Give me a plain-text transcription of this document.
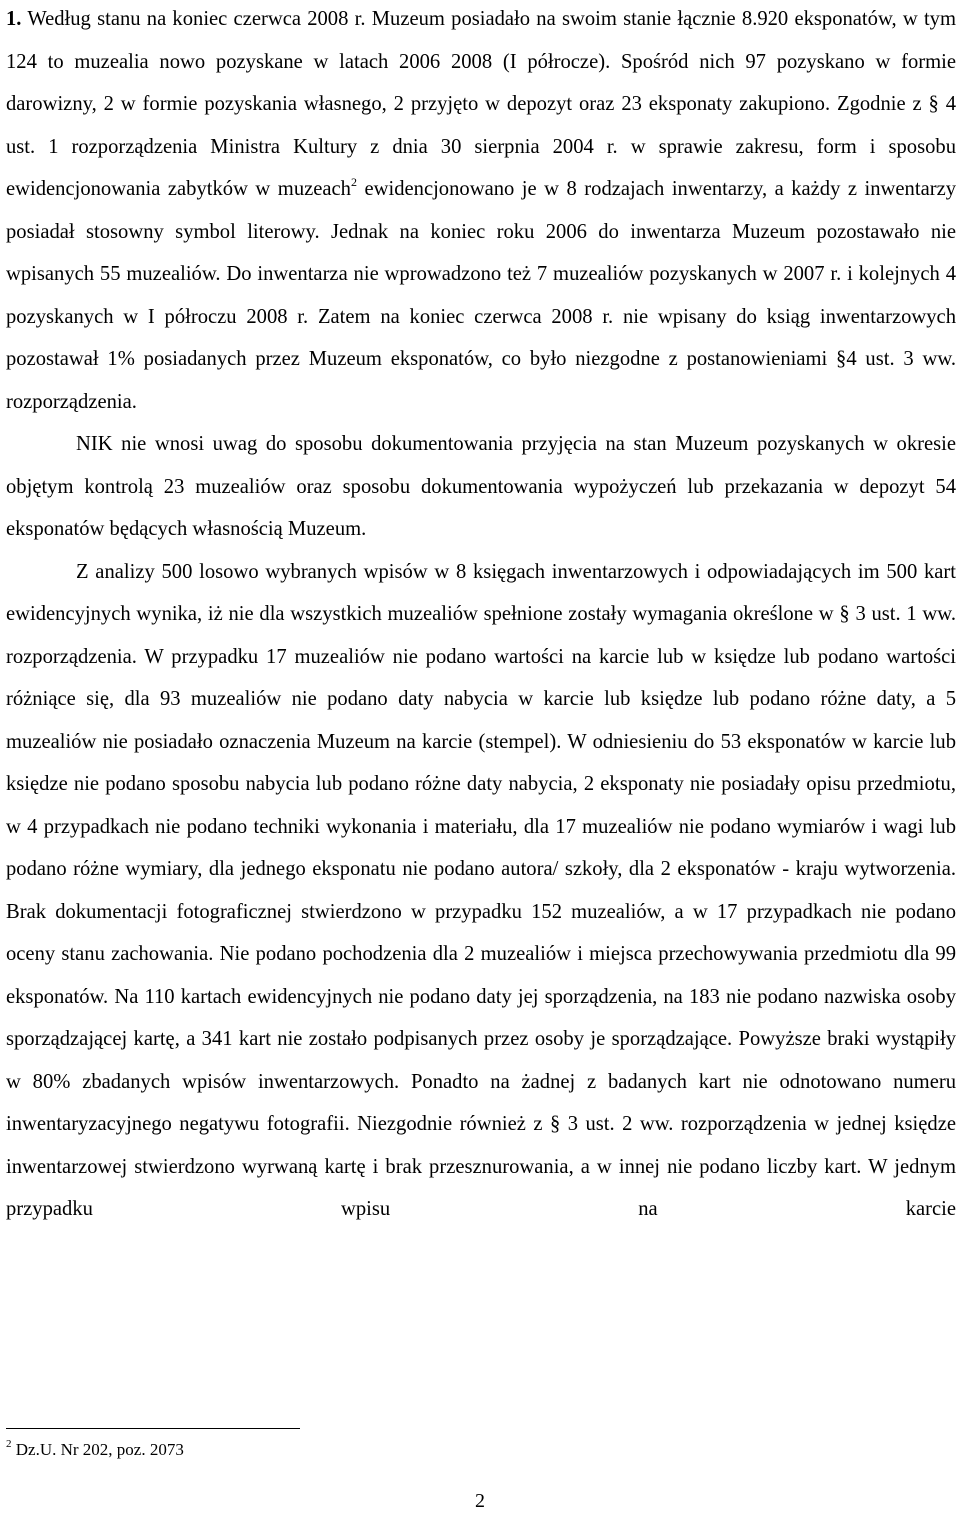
1. Według stanu na koniec czerwca 2008 r. Muzeum posiadało na swoim stanie łącznie 8.920 eksponatów, w tym 124 to muzealia nowo pozyskane w latach 2006 2008 (I półrocze). Spośród nich 97 pozyskano w formie darowizny, 2 w formie pozyskania własnego, 2 przyjęto w depozyt oraz 23 eksponaty zakupiono. Zgodnie z § 4 ust. 1 rozporządzenia Ministra Kultury z dnia 30 sierpnia 2004 r. w sprawie zakresu, form i sposobu ewidencjonowania zabytków w muzeach$^2$ ewidencjonowano je w 8 rodzajach inwentarzy, a każdy z inwentarzy posiadał stosowny symbol literowy. Jednak na koniec roku 2006 do inwentarza Muzeum pozostawało nie wpisanych 55 muzealiów. Do inwentarza nie wprowadzono też 7 muzealiów pozyskanych w 2007 r. i kolejnych 4 pozyskanych w I półroczu 2008 r. Zatem na koniec czerwca 2008 r. nie wpisany do ksiąg inwentarzowych pozostawał 1% posiadanych przez Muzeum eksponatów, co było niezgodne z postanowieniami §4 ust. 3 ww. rozporządzenia.

NIK nie wnosi uwag do sposobu dokumentowania przyjęcia na stan Muzeum pozyskanych w okresie objętym kontrolą 23 muzealiów oraz sposobu dokumentowania wypożyczeń lub przekazania w depozyt 54 eksponatów będących własnością Muzeum.

Z analizy 500 losowo wybranych wpisów w 8 księgach inwentarzowych i odpowiadających im 500 kart ewidencyjnych wynika, iż nie dla wszystkich muzealiów spełnione zostały wymagania określone w § 3 ust. 1 ww. rozporządzenia. W przypadku 17 muzealiów nie podano wartości na karcie lub w księdze lub podano wartości różniące się, dla 93 muzealiów nie podano daty nabycia w karcie lub księdze lub podano różne daty, a 5 muzealiów nie posiadało oznaczenia Muzeum na karcie (stempel). W odniesieniu do 53 eksponatów w karcie lub księdze nie podano sposobu nabycia lub podano różne daty nabycia, 2 eksponaty nie posiadały opisu przedmiotu, w 4 przypadkach nie podano techniki wykonania i materiału, dla 17 muzealiów nie podano wymiarów i wagi lub podano różne wymiary, dla jednego eksponatu nie podano autora/ szkoły, dla 2 eksponatów - kraju wytworzenia. Brak dokumentacji fotograficznej stwierdzono w przypadku 152 muzealiów, a w 17 przypadkach nie podano oceny stanu zachowania. Nie podano pochodzenia dla 2 muzealiów i miejsca przechowywania przedmiotu dla 99 eksponatów. Na 110 kartach ewidencyjnych nie podano daty jej sporządzenia, na 183 nie podano nazwiska osoby sporządzającej kartę, a 341 kart nie zostało podpisanych przez osoby je sporządzające. Powyższe braki wystąpiły w 80% zbadanych wpisów inwentarzowych. Ponadto na żadnej z badanych kart nie odnotowano numeru inwentaryzacyjnego negatywu fotografii. Niezgodnie również z § 3 ust. 2 ww. rozporządzenia w jednej księdze inwentarzowej stwierdzono wyrwaną kartę i brak przesznurowania, a w innej nie podano liczby kart. W jednym przypadku wpisu na karcie

$^2$ Dz.U. Nr 202, poz. 2073

2
